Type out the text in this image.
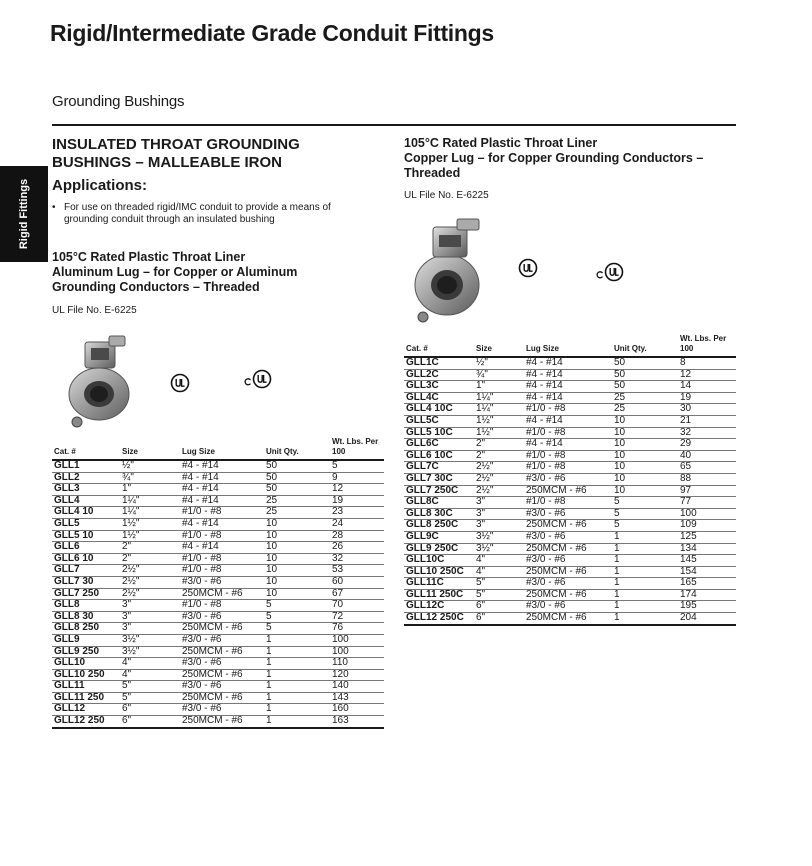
Rigid/Intermediate Grade Conduit Fittings
Grounding Bushings
Rigid Fittings
INSULATED THROAT GROUNDING
BUSHINGS – MALLEABLE IRON
Applications:
• For use on threaded rigid/IMC conduit to provide a means of grounding conduit through an insulated bushing
105°C Rated Plastic Throat Liner
Aluminum Lug – for Copper or Aluminum
Grounding Conductors – Threaded
UL File No. E-6225
Cat. #	Size	Lug Size	Unit Qty.	Wt. Lbs. Per 100
GLL1	½"	#4 - #14	50	5
GLL2	¾"	#4 - #14	50	9
GLL3	1"	#4 - #14	50	12
GLL4	1¼"	#4 - #14	25	19
GLL4 10	1¼"	#1/0 - #8	25	23
GLL5	1½"	#4 - #14	10	24
GLL5 10	1½"	#1/0 - #8	10	28
GLL6	2"	#4 - #14	10	26
GLL6 10	2"	#1/0 - #8	10	32
GLL7	2½"	#1/0 - #8	10	53
GLL7 30	2½"	#3/0 - #6	10	60
GLL7 250	2½"	250MCM - #6	10	67
GLL8	3"	#1/0 - #8	5	70
GLL8 30	3"	#3/0 - #6	5	72
GLL8 250	3"	250MCM - #6	5	76
GLL9	3½"	#3/0 - #6	1	100
GLL9 250	3½"	250MCM - #6	1	100
GLL10	4"	#3/0 - #6	1	110
GLL10 250	4"	250MCM - #6	1	120
GLL11	5"	#3/0 - #6	1	140
GLL11 250	5"	250MCM - #6	1	143
GLL12	6"	#3/0 - #6	1	160
GLL12 250	6"	250MCM - #6	1	163
105°C Rated Plastic Throat Liner
Copper Lug – for Copper Grounding Conductors –
Threaded
UL File No. E-6225
Cat. #	Size	Lug Size	Unit Qty.	Wt. Lbs. Per 100
GLL1C	½"	#4 - #14	50	8
GLL2C	¾"	#4 - #14	50	12
GLL3C	1"	#4 - #14	50	14
GLL4C	1¼"	#4 - #14	25	19
GLL4 10C	1¼"	#1/0 - #8	25	30
GLL5C	1½"	#4 - #14	10	21
GLL5 10C	1½"	#1/0 - #8	10	32
GLL6C	2"	#4 - #14	10	29
GLL6 10C	2"	#1/0 - #8	10	40
GLL7C	2½"	#1/0 - #8	10	65
GLL7 30C	2½"	#3/0 - #6	10	88
GLL7 250C	2½"	250MCM - #6	10	97
GLL8C	3"	#1/0 - #8	5	77
GLL8 30C	3"	#3/0 - #6	5	100
GLL8 250C	3"	250MCM - #6	5	109
GLL9C	3½"	#3/0 - #6	1	125
GLL9 250C	3½"	250MCM - #6	1	134
GLL10C	4"	#3/0 - #6	1	145
GLL10 250C	4"	250MCM - #6	1	154
GLL11C	5"	#3/0 - #6	1	165
GLL11 250C	5"	250MCM - #6	1	174
GLL12C	6"	#3/0 - #6	1	195
GLL12 250C	6"	250MCM - #6	1	204
